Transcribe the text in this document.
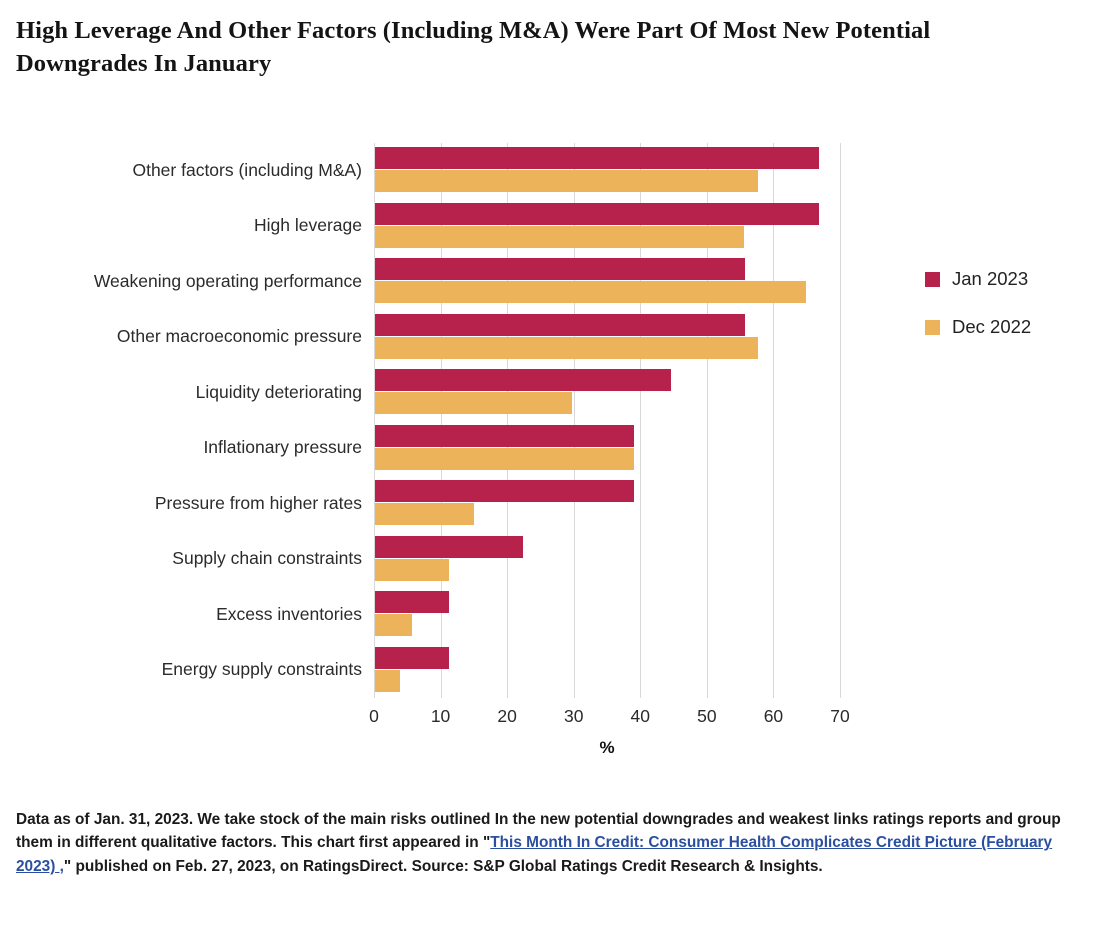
High Leverage And Other Factors (Including M&A) Were Part Of Most New Potential Downgrades In January
Other factors (including M&A)
High leverage
Weakening operating performance
Other macroeconomic pressure
Liquidity deteriorating
Inflationary pressure
Pressure from higher rates
Supply chain constraints
Excess inventories
Energy supply constraints
0	10	20	30	40	50	60	70
%
Jan 2023
Dec 2022
Data as of Jan. 31, 2023. We take stock of the main risks outlined In the new potential downgrades and weakest links ratings reports and group them in different qualitative factors. This chart first appeared in "This Month In Credit: Consumer Health Complicates Credit Picture (February 2023) ," published on Feb. 27, 2023, on RatingsDirect. Source: S&P Global Ratings Credit Research & Insights.
